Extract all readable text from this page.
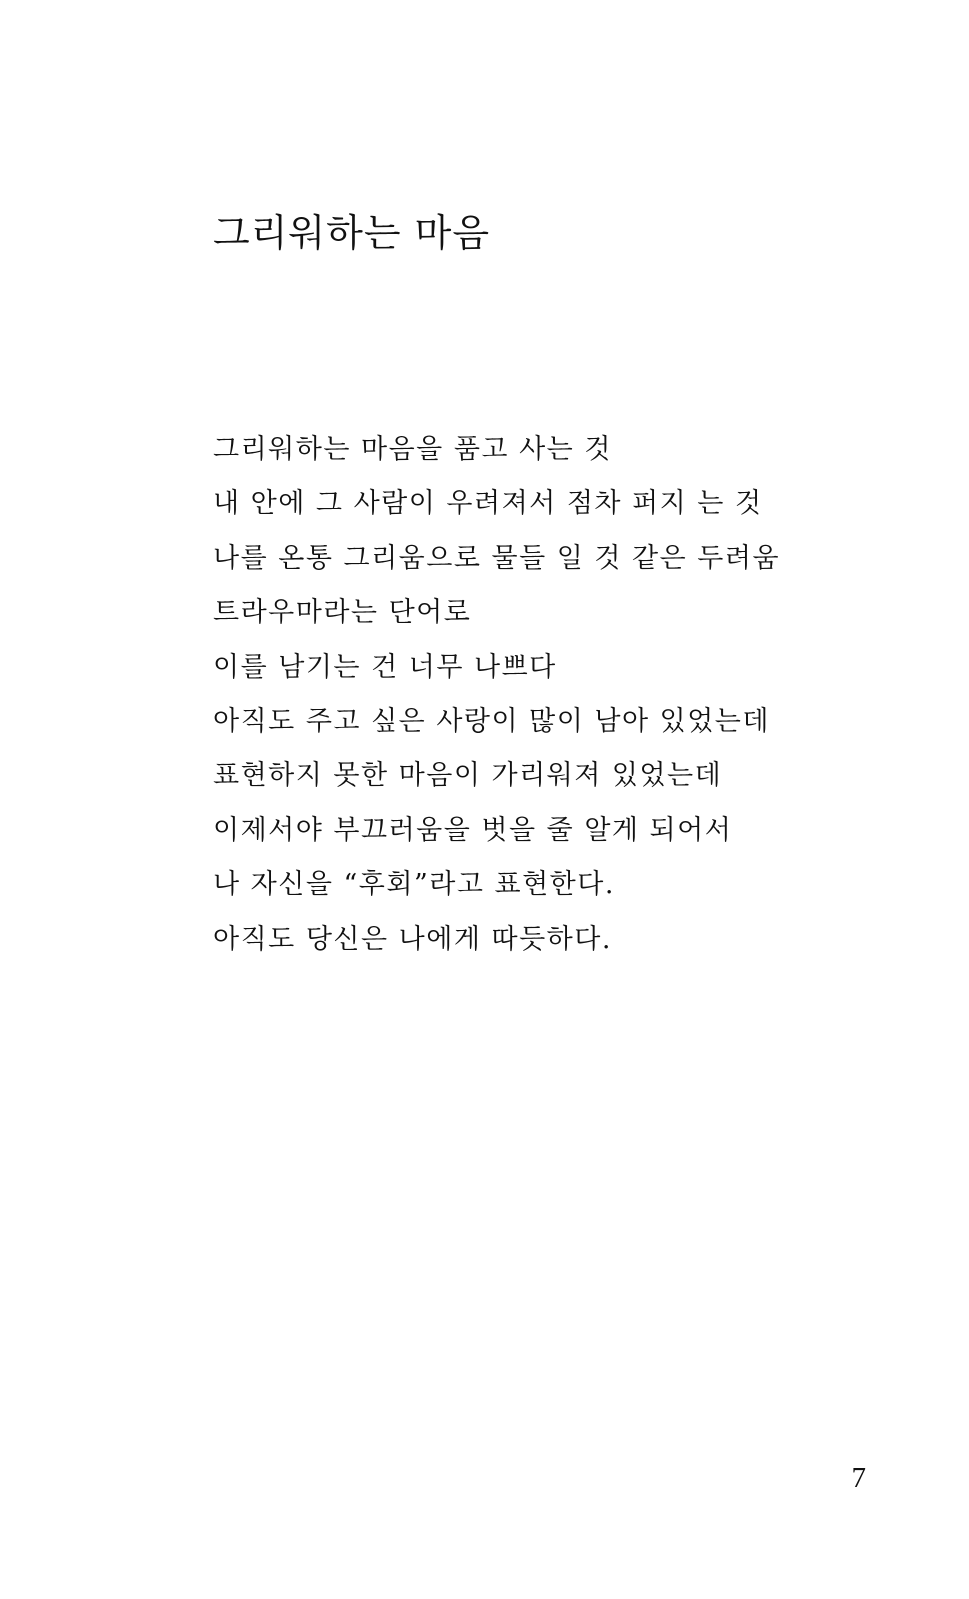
그리워하는 마음
그리워하는 마음을 품고 사는 것
내 안에 그 사람이 우려져서 점차 퍼지 는 것
나를 온통 그리움으로 물들 일 것 같은 두려움
트라우마라는 단어로
이를 남기는 건 너무 나쁘다
아직도 주고 싶은 사랑이 많이 남아 있었는데
표현하지 못한 마음이 가리워져 있었는데
이제서야 부끄러움을 벗을 줄 알게 되어서
나 자신을 “후회”라고 표현한다.
아직도 당신은 나에게 따듯하다.
7
